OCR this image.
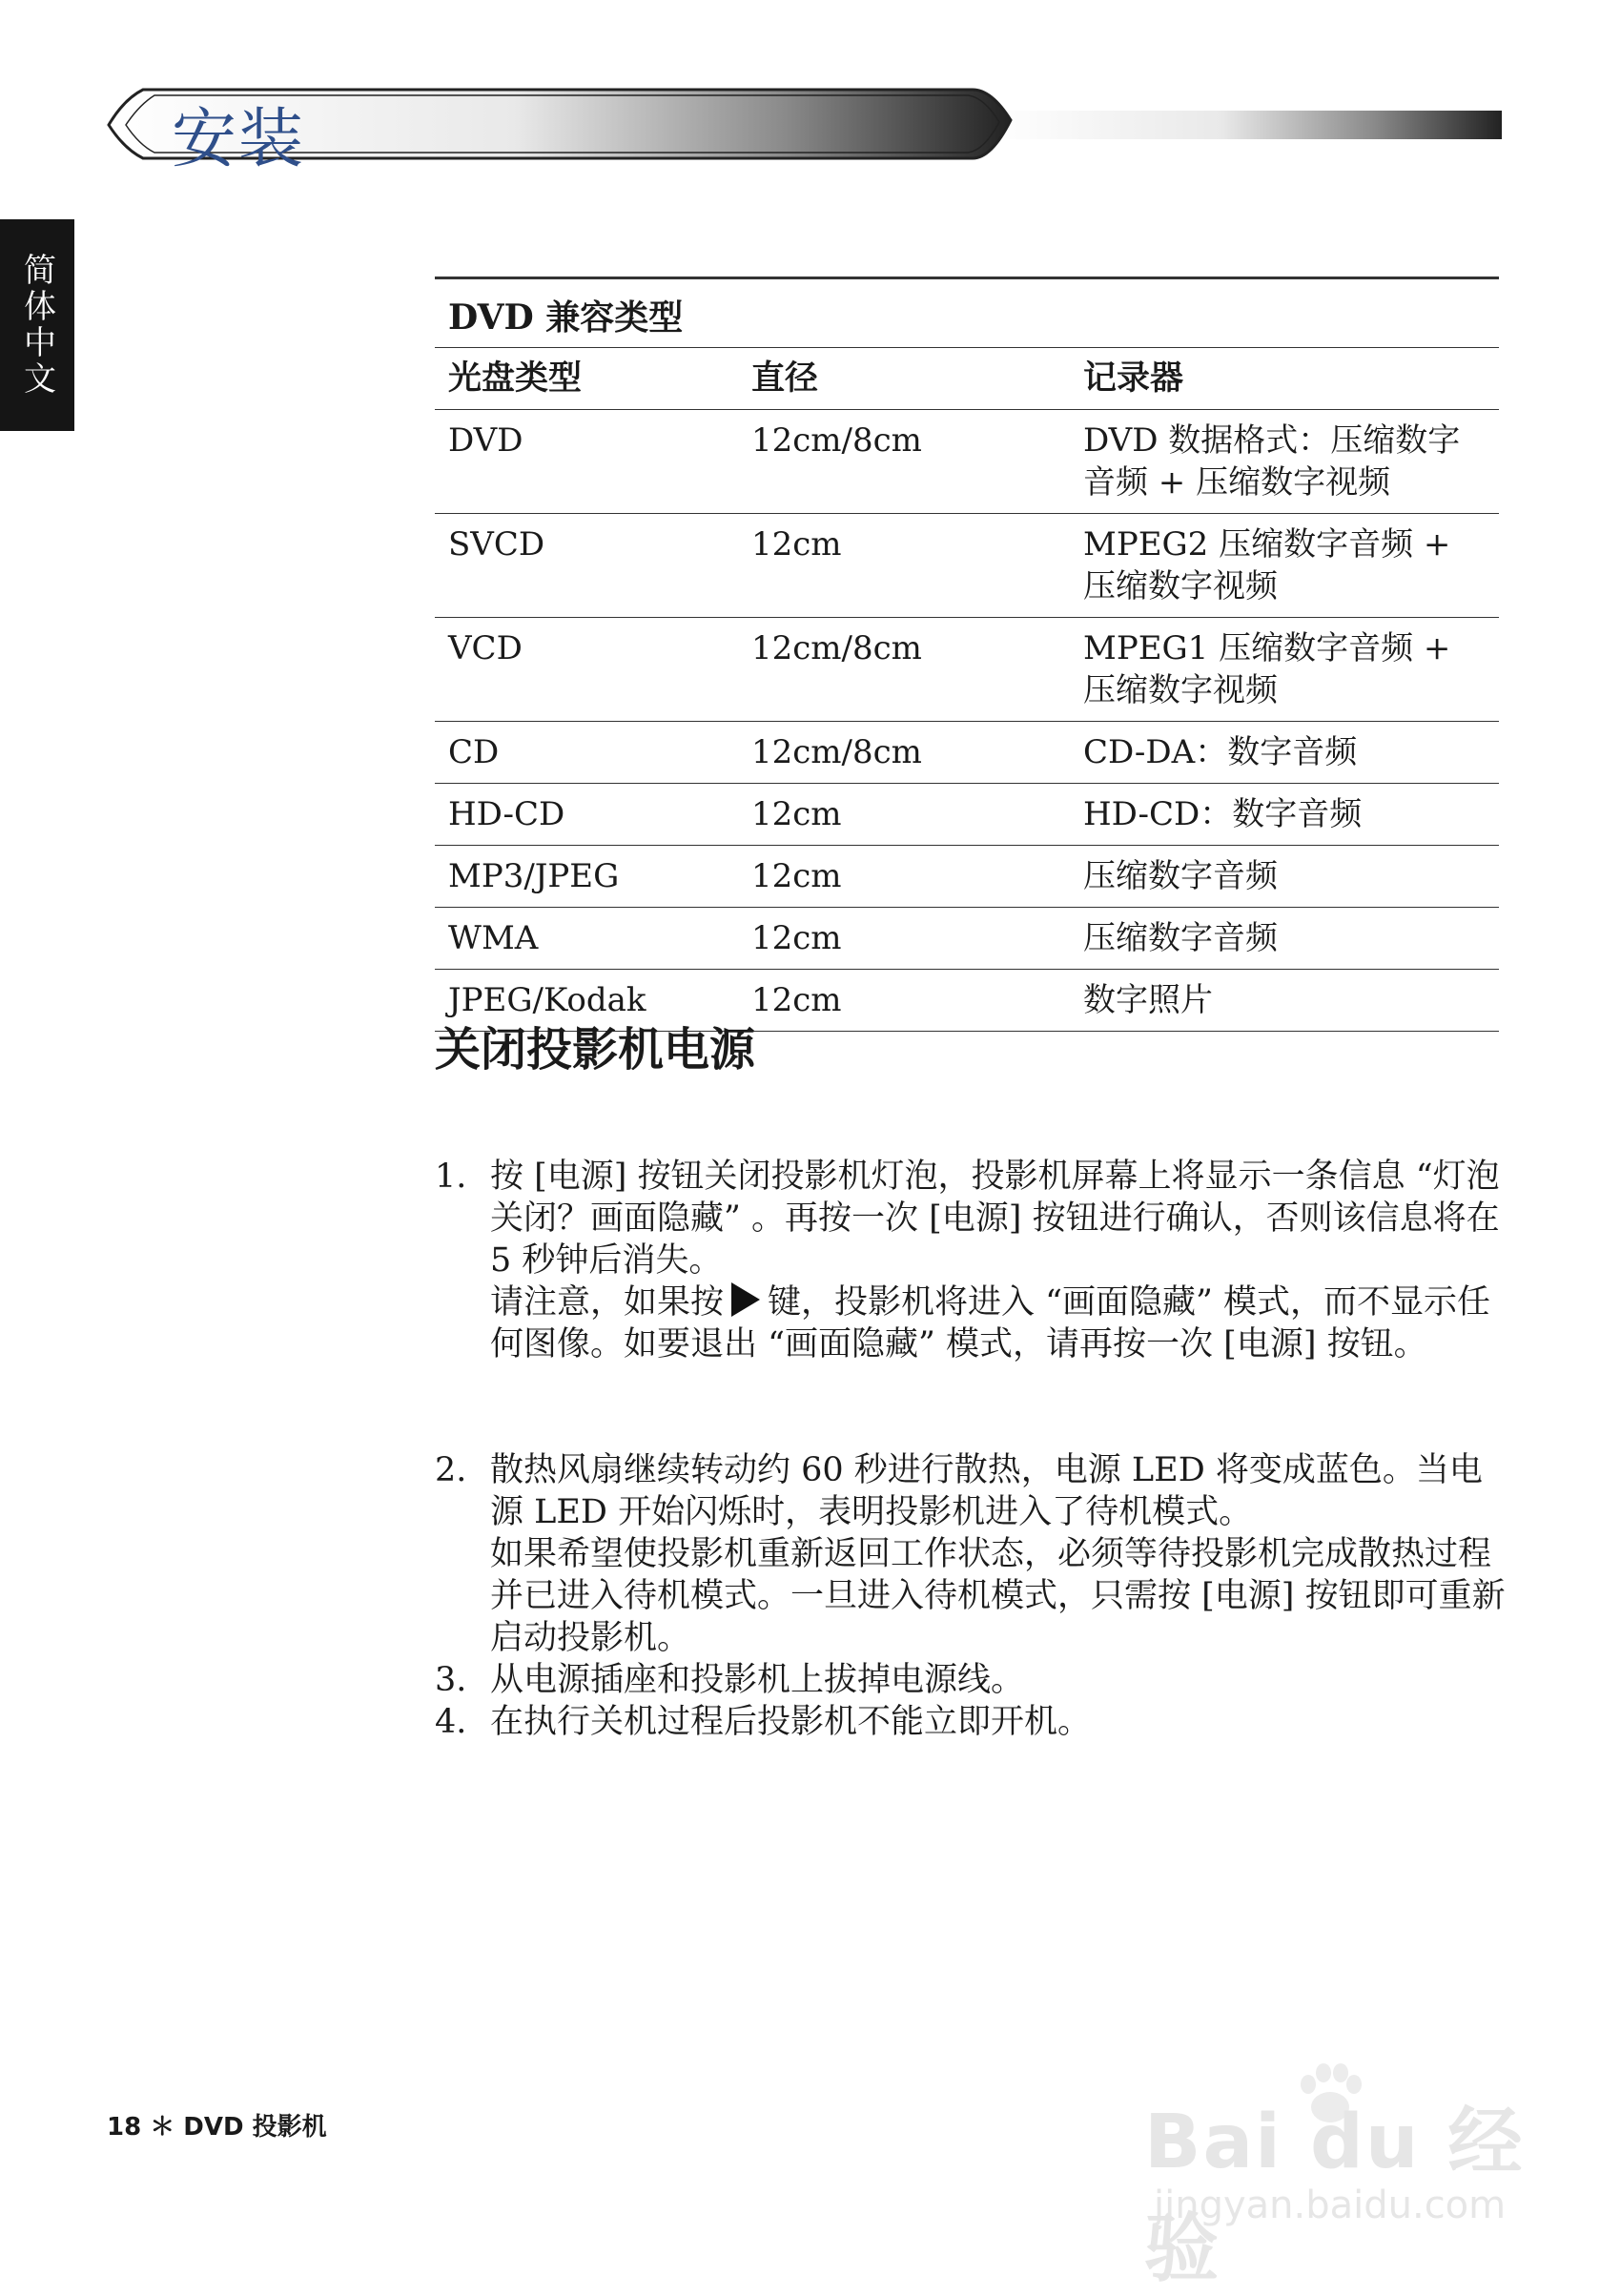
安装
简体中文	DVD 兼容类型
光盘类型	直径	记录器
DVD	12cm/8cm	DVD 数据格式：压缩数字音频 + 压缩数字视频
SVCD	12cm	MPEG2 压缩数字音频 + 压缩数字视频
VCD	12cm/8cm	MPEG1 压缩数字音频 + 压缩数字视频
CD	12cm/8cm	CD-DA：数字音频
HD-CD	12cm	HD-CD：数字音频
MP3/JPEG	12cm	压缩数字音频
WMA	12cm	压缩数字音频
JPEG/Kodak	12cm	数字照片
关闭投影机电源
1. 按 [电源] 按钮关闭投影机灯泡，投影机屏幕上将显示一条信息 “灯泡关闭？画面隐藏” 。再按一次 [电源] 按钮进行确认，否则该信息将在 5 秒钟后消失。

请注意，如果按 键，投影机将进入 “画面隐藏” 模式，而不显示任何图像。如要退出 “画面隐藏” 模式，请再按一次 [电源] 按钮。

2. 散热风扇继续转动约 60 秒进行散热，电源 LED 将变成蓝色。当电源 LED 开始闪烁时，表明投影机进入了待机模式。

如果希望使投影机重新返回工作状态，必须等待投影机完成散热过程并已进入待机模式。一旦进入待机模式，只需按 [电源] 按钮即可重新启动投影机。

3. 从电源插座和投影机上拔掉电源线。

4. 在执行关机过程后投影机不能立即开机。

18 ＊ DVD 投影机	Bai du 经验
jingyan.baidu.com
